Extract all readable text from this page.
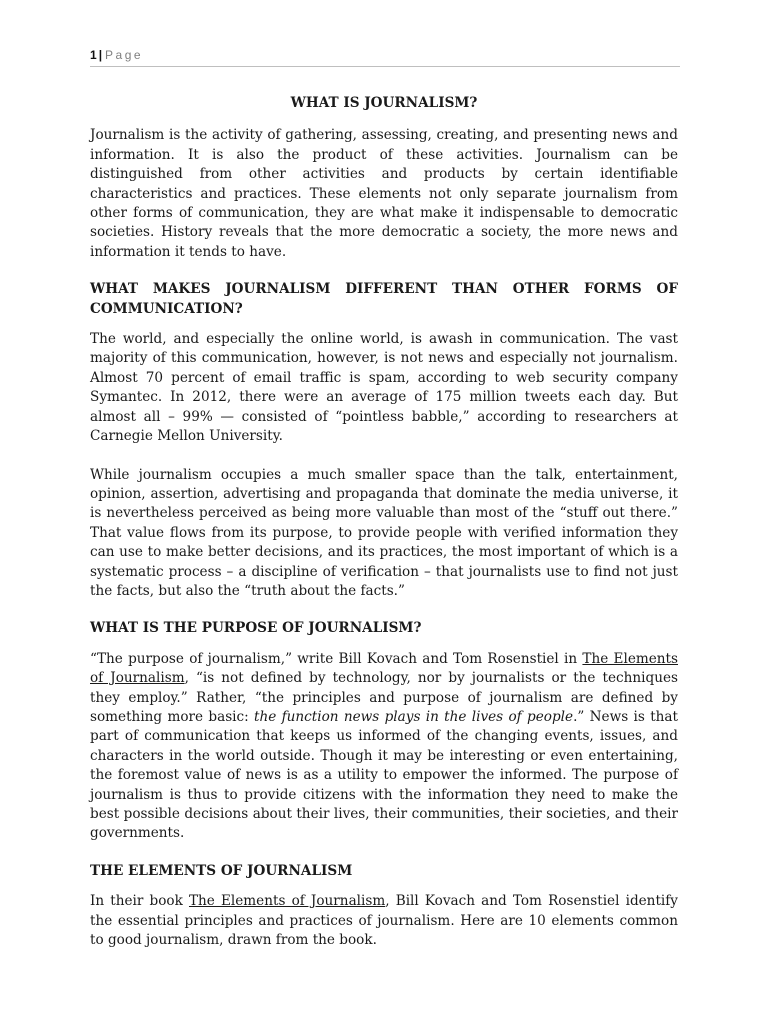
1 | Page
WHAT IS JOURNALISM?

Journalism is the activity of gathering, assessing, creating, and presenting news and information. It is also the product of these activities. Journalism can be distinguished from other activities and products by certain identifiable characteristics and practices. These elements not only separate journalism from other forms of communication, they are what make it indispensable to democratic societies. History reveals that the more democratic a society, the more news and information it tends to have.

WHAT MAKES JOURNALISM DIFFERENT THAN OTHER FORMS OF COMMUNICATION?

The world, and especially the online world, is awash in communication. The vast majority of this communication, however, is not news and especially not journalism. Almost 70 percent of email traffic is spam, according to web security company Symantec. In 2012, there were an average of 175 million tweets each day. But almost all – 99% — consisted of “pointless babble,” according to researchers at Carnegie Mellon University.

While journalism occupies a much smaller space than the talk, entertainment, opinion, assertion, advertising and propaganda that dominate the media universe, it is nevertheless perceived as being more valuable than most of the “stuff out there.” That value flows from its purpose, to provide people with verified information they can use to make better decisions, and its practices, the most important of which is a systematic process – a discipline of verification – that journalists use to find not just the facts, but also the “truth about the facts.”

WHAT IS THE PURPOSE OF JOURNALISM?

“The purpose of journalism,” write Bill Kovach and Tom Rosenstiel in The Elements of Journalism, “is not defined by technology, nor by journalists or the techniques they employ.” Rather, “the principles and purpose of journalism are defined by something more basic: the function news plays in the lives of people.” News is that part of communication that keeps us informed of the changing events, issues, and characters in the world outside. Though it may be interesting or even entertaining, the foremost value of news is as a utility to empower the informed. The purpose of journalism is thus to provide citizens with the information they need to make the best possible decisions about their lives, their communities, their societies, and their governments.

THE ELEMENTS OF JOURNALISM

In their book The Elements of Journalism, Bill Kovach and Tom Rosenstiel identify the essential principles and practices of journalism. Here are 10 elements common to good journalism, drawn from the book.
